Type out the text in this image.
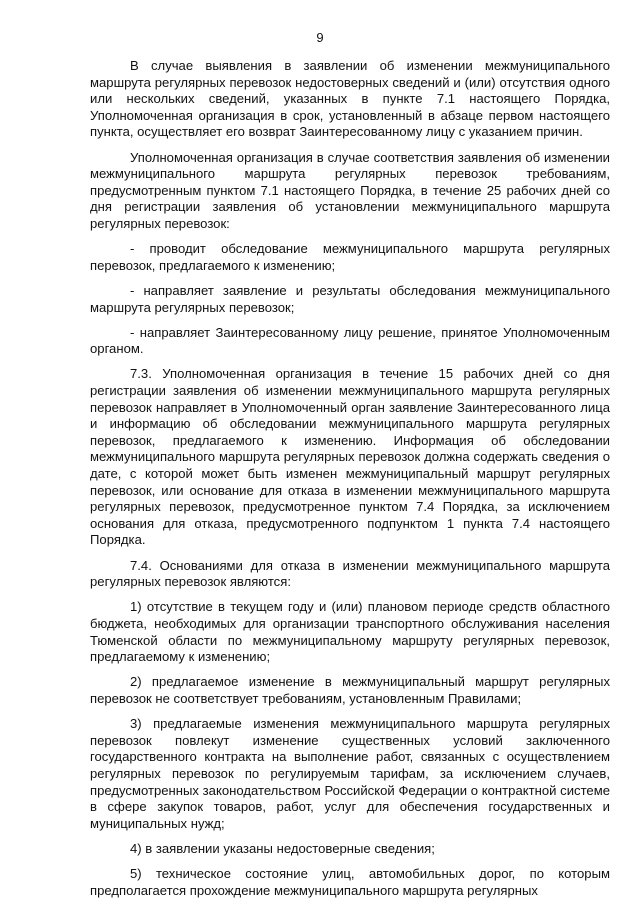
9

В случае выявления в заявлении об изменении межмуниципального маршрута регулярных перевозок недостоверных сведений и (или) отсутствия одного или нескольких сведений, указанных в пункте 7.1 настоящего Порядка, Уполномоченная организация в срок, установленный в абзаце первом настоящего пункта, осуществляет его возврат Заинтересованному лицу с указанием причин.

Уполномоченная организация в случае соответствия заявления об изменении межмуниципального маршрута регулярных перевозок требованиям, предусмотренным пунктом 7.1 настоящего Порядка, в течение 25 рабочих дней со дня регистрации заявления об установлении межмуниципального маршрута регулярных перевозок:

- проводит обследование межмуниципального маршрута регулярных перевозок, предлагаемого к изменению;

- направляет заявление и результаты обследования межмуниципального маршрута регулярных перевозок;

- направляет Заинтересованному лицу решение, принятое Уполномоченным органом.

7.3. Уполномоченная организация в течение 15 рабочих дней со дня регистрации заявления об изменении межмуниципального маршрута регулярных перевозок направляет в Уполномоченный орган заявление Заинтересованного лица и информацию об обследовании межмуниципального маршрута регулярных перевозок, предлагаемого к изменению. Информация об обследовании межмуниципального маршрута регулярных перевозок должна содержать сведения о дате, с которой может быть изменен межмуниципальный маршрут регулярных перевозок, или основание для отказа в изменении межмуниципального маршрута регулярных перевозок, предусмотренное пунктом 7.4 Порядка, за исключением основания для отказа, предусмотренного подпунктом 1 пункта 7.4 настоящего Порядка.

7.4. Основаниями для отказа в изменении межмуниципального маршрута регулярных перевозок являются:

1) отсутствие в текущем году и (или) плановом периоде средств областного бюджета, необходимых для организации транспортного обслуживания населения Тюменской области по межмуниципальному маршруту регулярных перевозок, предлагаемому к изменению;

2) предлагаемое изменение в межмуниципальный маршрут регулярных перевозок не соответствует требованиям, установленным Правилами;

3) предлагаемые изменения межмуниципального маршрута регулярных перевозок повлекут изменение существенных условий заключенного государственного контракта на выполнение работ, связанных с осуществлением регулярных перевозок по регулируемым тарифам, за исключением случаев, предусмотренных законодательством Российской Федерации о контрактной системе в сфере закупок товаров, работ, услуг для обеспечения государственных и муниципальных нужд;

4) в заявлении указаны недостоверные сведения;

5) техническое состояние улиц, автомобильных дорог, по которым предполагается прохождение межмуниципального маршрута регулярных
